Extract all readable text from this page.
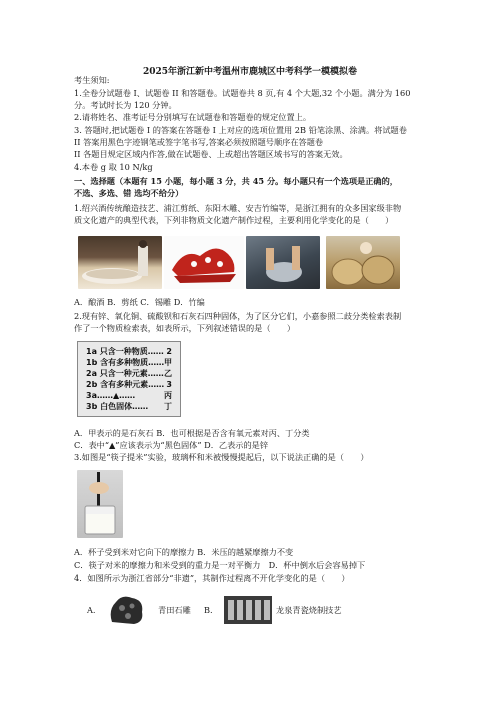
2025年浙江新中考温州市鹿城区中考科学一模模拟卷
考生须知:
1.全卷分试题卷 I、试题卷 II 和答题卷。试题卷共 8 页,有 4 个大题,32 个小题。满分为 160
分。考试时长为 120 分钟。
2.请将姓名、准考证号分别填写在试题卷和答题卷的规定位置上。
3. 答题时,把试题卷 I 的答案在答题卷 I 上对应的选项位置用 2B 铅笔涂黑、涂满。将试题卷
II 答案用黑色字迹钢笔或签字笔书写,答案必须按照题号顺序在答题卷
II 各题目规定区域内作答,做在试题卷、上或超出答题区域书写的答案无效。
4.本卷 g 取 10 N/kg
一、选择题（本题有 15 小题，每小题 3 分，共 45 分。每小题只有一个选项是正确的，
不选、多选、错 选均不给分）
1.绍兴酒传统酿造技艺、浦江剪纸、东阳木雕、安吉竹编等，是浙江拥有的众多国家级非物
质文化遗产的典型代表，下列非物质文化遗产制作过程，主要利用化学变化的是（　　）
A．酿酒 B．剪纸 C．锡雕 D．竹编
2.现有锌、氧化铜、硫酸钡和石灰石四种固体，为了区分它们，小嘉参照二歧分类检索表制
作了一个物质检索表，如表所示，下列叙述错误的是（　　）
1a 只含一种物质…… 2
1b 含有多种物质…… 甲
2a 只含一种元素…… 乙
2b 含有多种元素…… 3
3a……▲……	丙
3b 白色固体…… 丁
A．甲表示的是石灰石 B．也可根据是否含有氧元素对丙、丁分类
C．表中“▲”应该表示为“黑色固体” D．乙表示的是锌
3.如图是“筷子提米”实验，玻璃杯和米被慢慢提起后，以下说法正确的是（　　）
A．杯子受到米对它向下的摩擦力 B．米压的越紧摩擦力不变
C．筷子对米的摩擦力和米受到的重力是一对平衡力　D．杯中倒水后会容易掉下
4．如图所示为浙江省部分“非遗”，其制作过程离不开化学变化的是（　　）
A.	青田石雕 B.	龙泉青瓷烧制技艺
